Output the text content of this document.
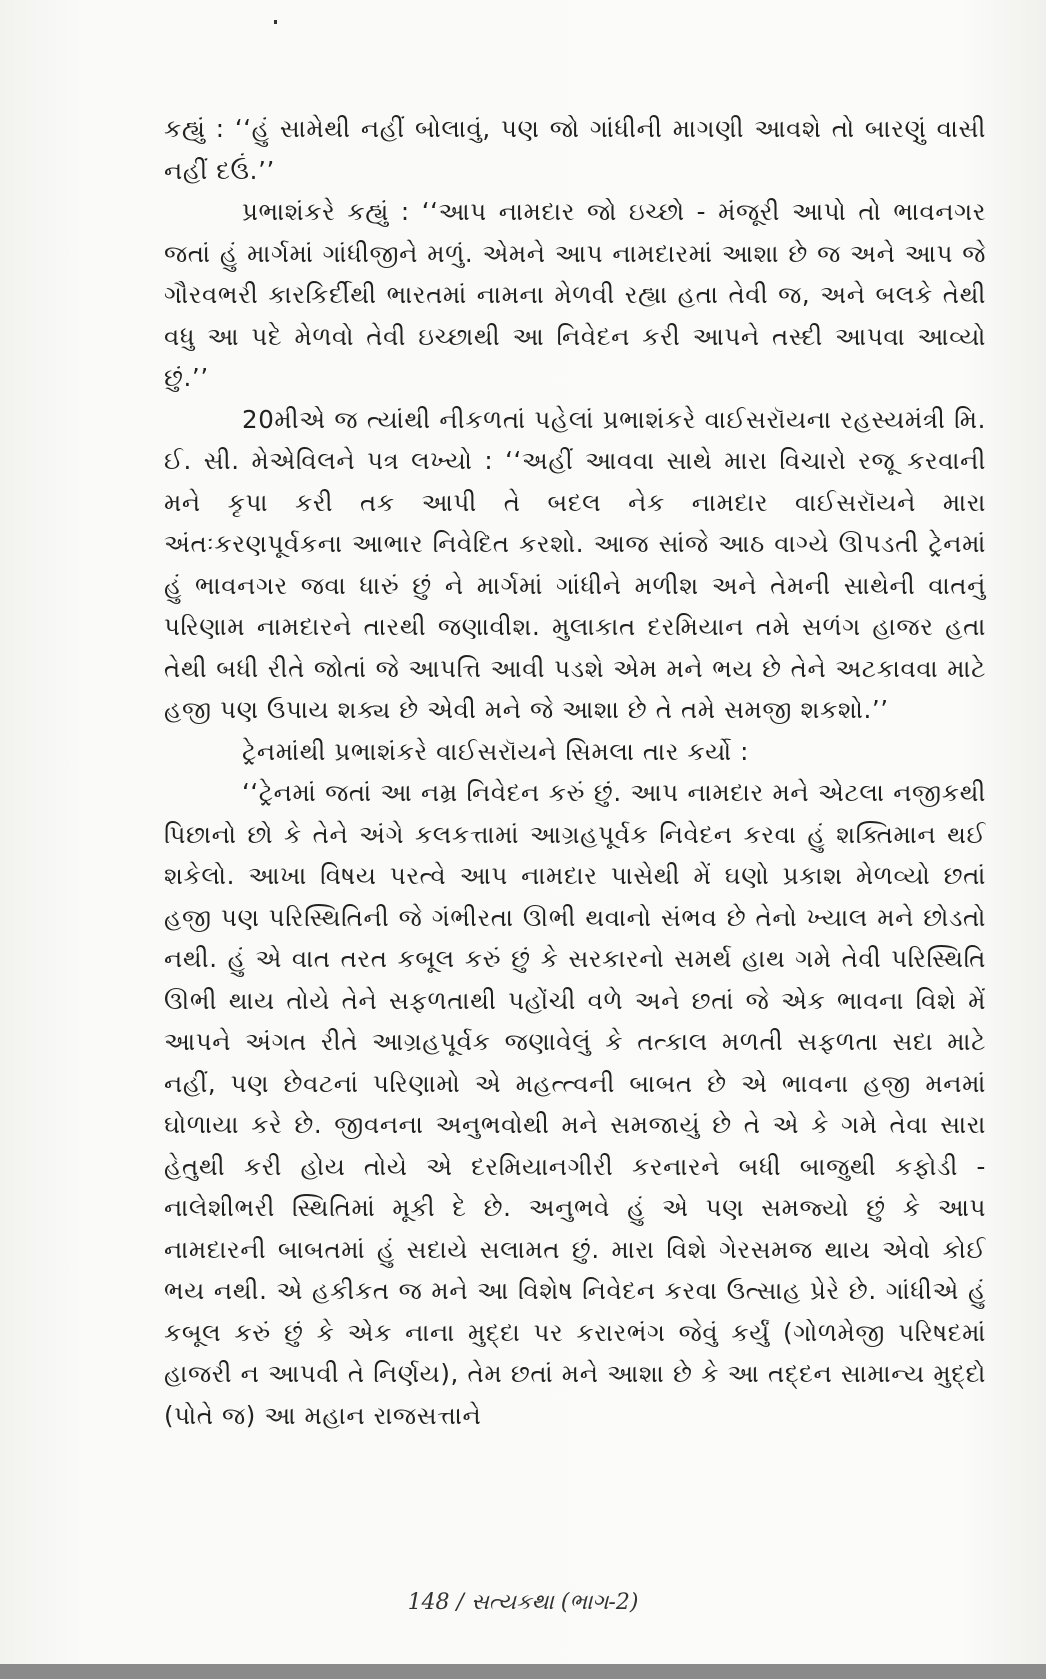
કહ્યું : ‘‘હું સામેથી નહીં બોલાવું, પણ જો ગાંધીની માગણી આવશે તો બારણું વાસી નહીં દઉં.’’

પ્રભાશંકરે કહ્યું : ‘‘આપ નામદાર જો ઇચ્છો - મંજૂરી આપો તો ભાવનગર જતાં હું માર્ગમાં ગાંધીજીને મળું. એમને આપ નામદારમાં આશા છે જ અને આપ જે ગૌરવભરી કારકિર્દીથી ભારતમાં નામના મેળવી રહ્યા હતા તેવી જ, અને બલકે તેથી વધુ આ પદે મેળવો તેવી ઇચ્છાથી આ નિવેદન કરી આપને તસ્દી આપવા આવ્યો છું.’’

20મીએ જ ત્યાંથી નીકળતાં પહેલાં પ્રભાશંકરે વાઈસરૉયના રહસ્યમંત્રી મિ. ઈ. સી. મેએવિલને પત્ર લખ્યો : ‘‘અહીં આવવા સાથે મારા વિચારો રજૂ કરવાની મને કૃપા કરી તક આપી તે બદલ નેક નામદાર વાઈસરૉયને મારા અંતઃકરણપૂર્વકના આભાર નિવેદિત કરશો. આજ સાંજે આઠ વાગ્યે ઊપડતી ટ્રેનમાં હું ભાવનગર જવા ધારું છું ને માર્ગમાં ગાંધીને મળીશ અને તેમની સાથેની વાતનું પરિણામ નામદારને તારથી જણાવીશ. મુલાકાત દરમિયાન તમે સળંગ હાજર હતા તેથી બધી રીતે જોતાં જે આપત્તિ આવી પડશે એમ મને ભય છે તેને અટકાવવા માટે હજી પણ ઉપાય શક્ય છે એવી મને જે આશા છે તે તમે સમજી શકશો.’’

ટ્રેનમાંથી પ્રભાશંકરે વાઈસરૉયને સિમલા તાર કર્યો :

‘‘ટ્રેનમાં જતાં આ નમ્ર નિવેદન કરું છું. આપ નામદાર મને એટલા નજીકથી પિછાનો છો કે તેને અંગે કલકત્તામાં આગ્રહપૂર્વક નિવેદન કરવા હું શક્તિમાન થઈ શકેલો. આખા વિષય પરત્વે આપ નામદાર પાસેથી મેં ઘણો પ્રકાશ મેળવ્યો છતાં હજી પણ પરિસ્થિતિની જે ગંભીરતા ઊભી થવાનો સંભવ છે તેનો ખ્યાલ મને છોડતો નથી. હું એ વાત તરત કબૂલ કરું છું કે સરકારનો સમર્થ હાથ ગમે તેવી પરિસ્થિતિ ઊભી થાય તોયે તેને સફળતાથી પહોંચી વળે અને છતાં જે એક ભાવના વિશે મેં આપને અંગત રીતે આગ્રહપૂર્વક જણાવેલું કે તત્કાલ મળતી સફળતા સદા માટે નહીં, પણ છેવટનાં પરિણામો એ મહત્ત્વની બાબત છે એ ભાવના હજી મનમાં ઘોળાયા કરે છે. જીવનના અનુભવોથી મને સમજાયું છે તે એ કે ગમે તેવા સારા હેતુથી કરી હોય તોયે એ દરમિયાનગીરી કરનારને બધી બાજુથી કફોડી - નાલેશીભરી સ્થિતિમાં મૂકી દે છે. અનુભવે હું એ પણ સમજ્યો છું કે આપ નામદારની બાબતમાં હું સદાયે સલામત છું. મારા વિશે ગેરસમજ થાય એવો કોઈ ભય નથી. એ હકીકત જ મને આ વિશેષ નિવેદન કરવા ઉત્સાહ પ્રેરે છે. ગાંધીએ હું કબૂલ કરું છું કે એક નાના મુદ્દા પર કરારભંગ જેવું કર્યું (ગોળમેજી પરિષદમાં હાજરી ન આપવી તે નિર્ણય), તેમ છતાં મને આશા છે કે આ તદ્દન સામાન્ય મુદ્દો (પોતે જ) આ મહાન રાજસત્તાને

148 / સત્યકથા (ભાગ-2)
